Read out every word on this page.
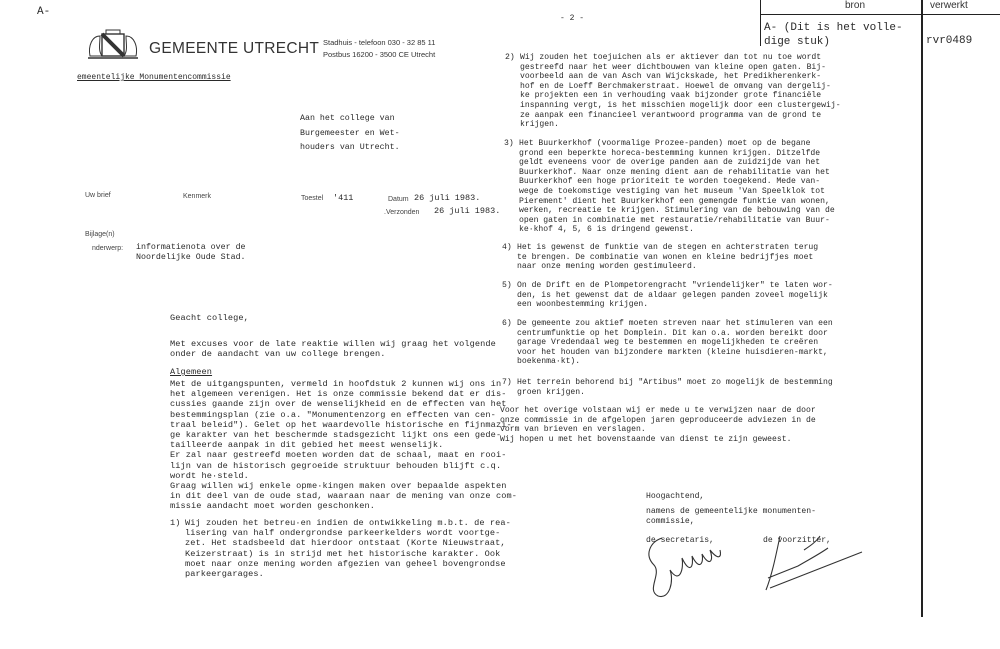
A-
GEMEENTE UTRECHT Stadhuis - telefoon 030 - 32 85 11
Postbus 16200 - 3500 CE Utrecht
emeentelijke Monumentencommissie
Aan het college van
Burgemeester en Wet-
houders van Utrecht.
Uw brief	Kenmerk	Toestel '411	Datum 26 juli 1983.
.Verzonden 26 juli 1983.
Bijlage(n)
nderwerp: informatienota over de
Noordelijke Oude Stad.
Geacht college,
Met excuses voor de late reaktie willen wij graag het volgende
onder de aandacht van uw college brengen.
Algemeen
Met de uitgangspunten, vermeld in hoofdstuk 2 kunnen wij ons in
het algemeen verenigen. Het is onze commissie bekend dat er dis-
cussies gaande zijn over de wenselijkheid en de effecten van het
bestemmingsplan (zie o.a. "Monumentenzorg en effecten van cen-
traal beleid"). Gelet op het waardevolle historische en fijnmazi-
ge karakter van het beschermde stadsgezicht lijkt ons een gede-
tailleerde aanpak in dit gebied het meest wenselijk.
Er zal naar gestreefd moeten worden dat de schaal, maat en rooi-
lijn van de historisch gegroeide struktuur behouden blijft c.q.
wordt he·steld.
Graag willen wij enkele opme·kingen maken over bepaalde aspekten
in dit deel van de oude stad, waaraan naar de mening van onze com-
missie aandacht moet worden geschonken.
1) Wij zouden het betreu·en indien de ontwikkeling m.b.t. de rea-
lisering van half ondergrondse parkeerkelders wordt voortge-
zet. Het stadsbeeld dat hierdoor ontstaat (Korte Nieuwstraat,
Keizerstraat) is in strijd met het historische karakter. Ook
moet naar onze mening worden afgezien van geheel bovengrondse
parkeergarages.
- 2 -
2) Wij zouden het toejuichen als er aktiever dan tot nu toe wordt
gestreefd naar het weer dichtbouwen van kleine open gaten. Bij-
voorbeeld aan de van Asch van Wijckskade, het Predikherenkerk-
hof en de Loeff Berchmakerstraat. Hoewel de omvang van dergelij-
ke projekten een in verhouding vaak bijzonder grote financiële
inspanning vergt, is het misschien mogelijk door een clustergewij-
ze aanpak een financieel verantwoord programma van de grond te
krijgen.
3) Het Buurkerkhof (voormalige Prozee-panden) moet op de begane
grond een beperkte horeca-bestemming kunnen krijgen. Ditzelfde
geldt eveneens voor de overige panden aan de zuidzijde van het
Buurkerkhof. Naar onze mening dient aan de rehabilitatie van het
Buurkerkhof een hoge prioriteit te worden toegekend. Mede van-
wege de toekomstige vestiging van het museum 'Van Speelklok tot
Pierement' dient het Buurkerkhof een gemengde funktie van wonen,
werken, recreatie te krijgen. Stimulering van de bebouwing van de
open gaten in combinatie met restauratie/rehabilitatie van Buur-
ke·khof 4, 5, 6 is dringend gewenst.
4) Het is gewenst de funktie van de stegen en achterstraten terug
te brengen. De combinatie van wonen en kleine bedrijfjes moet
naar onze mening worden gestimuleerd.
5) On de Drift en de Plompetorengracht "vriendelijker" te laten wor-
den, is het gewenst dat de aldaar gelegen panden zoveel mogelijk
een woonbestemming krijgen.
6) De gemeente zou aktief moeten streven naar het stimuleren van een
centrumfunktie op het Domplein. Dit kan o.a. worden bereikt door
garage Vredendaal weg te bestemmen en mogelijkheden te creëren
voor het houden van bijzondere markten (kleine huisdieren-markt,
boekenma·kt).
7) Het terrein behorend bij "Artibus" moet zo mogelijk de bestemming
groen krijgen.
Voor het overige volstaan wij er mede u te verwijzen naar de door
onze commissie in de afgelopen jaren geproduceerde adviezen in de
vorm van brieven en verslagen.
Wij hopen u met het bovenstaande van dienst te zijn geweest.
Hoogachtend,
namens de gemeentelijke monumenten-
commissie,
de secretaris,	de voorzitter,
bron	verwerkt
A- (Dit is het volle-
dige stuk)	rvr0489
